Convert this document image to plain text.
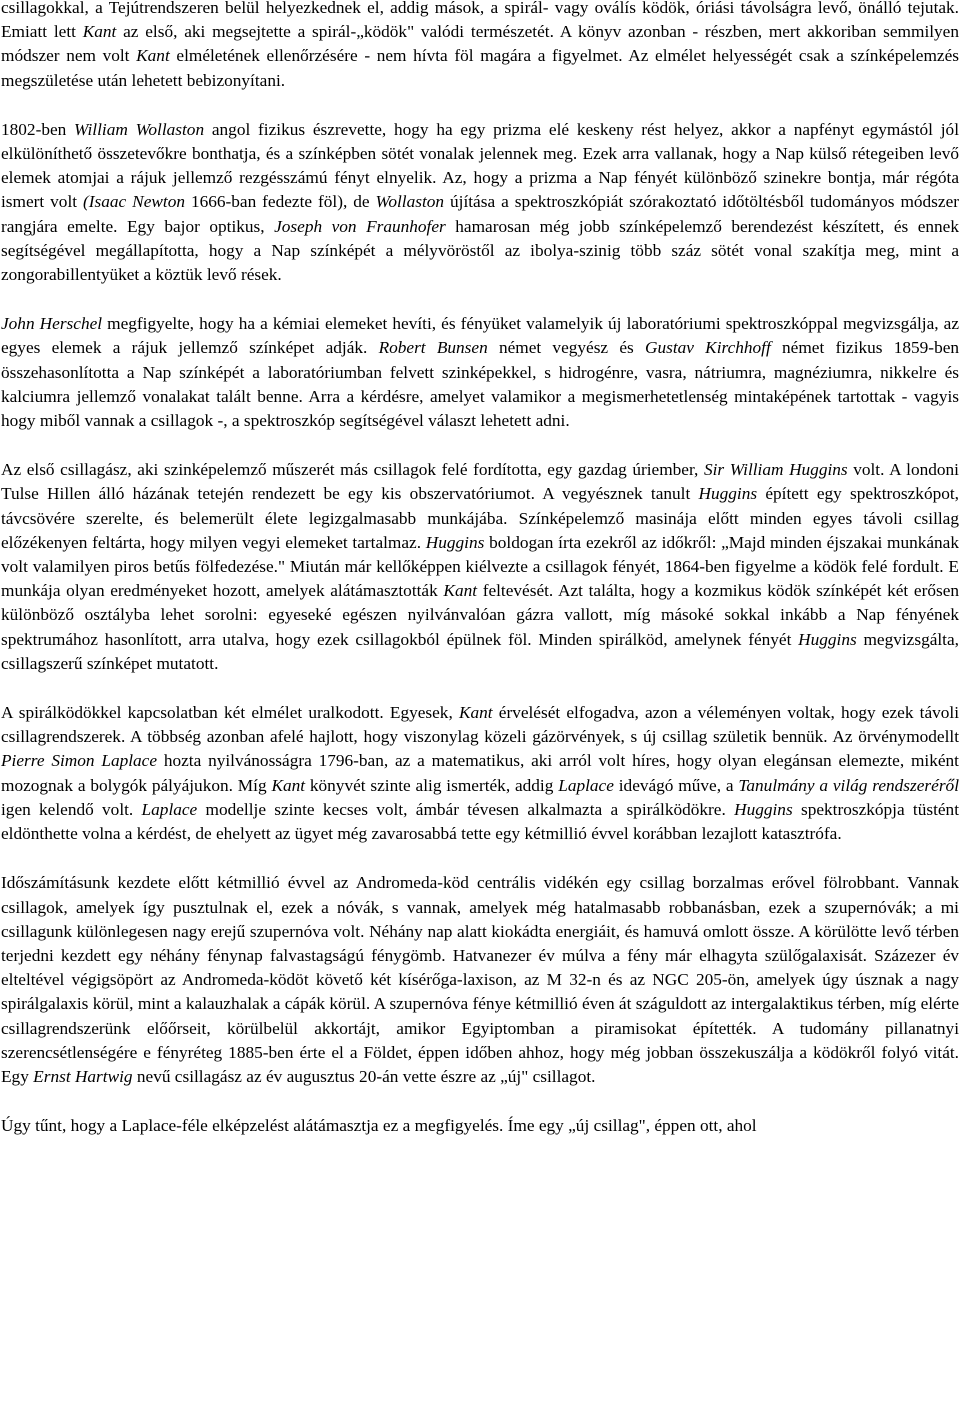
csillagokkal, a Tejútrendszeren belül helyezkednek el, addig mások, a spirál- vagy oválís ködök, óriási távolságra levő, önálló tejutak. Emiatt lett Kant az első, aki megsejtette a spirál-„ködök" valódi természetét. A könyv azonban - részben, mert akkoriban semmilyen módszer nem volt Kant elméletének ellenőrzésére - nem hívta föl magára a figyelmet. Az elmélet helyességét csak a színképelemzés megszületése után lehetett bebizonyítani.

1802-ben William Wollaston angol fizikus észrevette, hogy ha egy prizma elé keskeny rést helyez, akkor a napfényt egymástól jól elkülöníthető összetevőkre bonthatja, és a színképben sötét vonalak jelennek meg. Ezek arra vallanak, hogy a Nap külső rétegeiben levő elemek atomjai a rájuk jellemző rezgésszámú fényt elnyelik. Az, hogy a prizma a Nap fényét különböző szinekre bontja, már régóta ismert volt (Isaac Newton 1666-ban fedezte föl), de Wollaston újítása a spektroszkópiát szórakoztató időtöltésből tudományos módszer rangjára emelte. Egy bajor optikus, Joseph von Fraunhofer hamarosan még jobb színképelemző berendezést készített, és ennek segítségével megállapította, hogy a Nap színképét a mélyvöröstől az ibolya-szinig több száz sötét vonal szakítja meg, mint a zongorabillentyüket a köztük levő rések.

John Herschel megfigyelte, hogy ha a kémiai elemeket hevíti, és fényüket valamelyik új laboratóriumi spektroszkóppal megvizsgálja, az egyes elemek a rájuk jellemző színképet adják. Robert Bunsen német vegyész és Gustav Kirchhoff német fizikus 1859-ben összehasonlította a Nap színképét a laboratóriumban felvett szinképekkel, s hidrogénre, vasra, nátriumra, magnéziumra, nikkelre és kalciumra jellemző vonalakat talált benne. Arra a kérdésre, amelyet valamikor a megismerhetetlenség mintaképének tartottak - vagyis hogy miből vannak a csillagok -, a spektroszkóp segítségével választ lehetett adni.

Az első csillagász, aki szinképelemző műszerét más csillagok felé fordította, egy gazdag úriember, Sir William Huggins volt. A londoni Tulse Hillen álló házának tetején rendezett be egy kis obszervatóriumot. A vegyésznek tanult Huggins épített egy spektroszkópot, távcsövére szerelte, és belemerült élete legizgalmasabb munkájába. Színképelemző masinája előtt minden egyes távoli csillag előzékenyen feltárta, hogy milyen vegyi elemeket tartalmaz. Huggins boldogan írta ezekről az időkről: „Majd minden éjszakai munkának volt valamilyen piros betűs fölfedezése." Miután már kellőképpen kiélvezte a csillagok fényét, 1864-ben figyelme a ködök felé fordult. E munkája olyan eredményeket hozott, amelyek alátámasztották Kant feltevését. Azt találta, hogy a kozmikus ködök színképét két erősen különböző osztályba lehet sorolni: egyeseké egészen nyilvánvalóan gázra vallott, míg másoké sokkal inkább a Nap fényének spektrumához hasonlított, arra utalva, hogy ezek csillagokból épülnek föl. Minden spirálköd, amelynek fényét Huggins megvizsgálta, csillagszerű színképet mutatott.

A spirálködökkel kapcsolatban két elmélet uralkodott. Egyesek, Kant érvelését elfogadva, azon a véleményen voltak, hogy ezek távoli csillagrendszerek. A többség azonban afelé hajlott, hogy viszonylag közeli gázörvények, s új csillag születik bennük. Az örvénymodellt Pierre Simon Laplace hozta nyilvánosságra 1796-ban, az a matematikus, aki arról volt híres, hogy olyan elegánsan elemezte, miként mozognak a bolygók pályájukon. Míg Kant könyvét szinte alig ismerték, addig Laplace idevágó műve, a Tanulmány a világ rendszeréről igen kelendő volt. Laplace modellje szinte kecses volt, ámbár tévesen alkalmazta a spirálködökre. Huggins spektroszkópja tüstént eldönthette volna a kérdést, de ehelyett az ügyet még zavarosabbá tette egy kétmillió évvel korábban lezajlott katasztrófa.

Időszámításunk kezdete előtt kétmillió évvel az Andromeda-köd centrális vidékén egy csillag borzalmas erővel fölrobbant. Vannak csillagok, amelyek így pusztulnak el, ezek a nóvák, s vannak, amelyek még hatalmasabb robbanásban, ezek a szupernóvák; a mi csillagunk különlegesen nagy erejű szupernóva volt. Néhány nap alatt kiokádta energiáit, és hamuvá omlott össze. A körülötte levő térben terjedni kezdett egy néhány fénynap falvastagságú fénygömb. Hatvanezer év múlva a fény már elhagyta szülőgalaxisát. Százezer év elteltével végigsöpört az Andromeda-ködöt követő két kísérőga-laxison, az M 32-n és az NGC 205-ön, amelyek úgy úsznak a nagy spirálgalaxis körül, mint a kalauzhalak a cápák körül. A szupernóva fénye kétmillió éven át száguldott az intergalaktikus térben, míg elérte csillagrendszerünk előőrseit, körülbelül akkortájt, amikor Egyiptomban a piramisokat építették. A tudomány pillanatnyi szerencsétlenségére e fényréteg 1885-ben érte el a Földet, éppen időben ahhoz, hogy még jobban összekuszálja a ködökről folyó vitát. Egy Ernst Hartwig nevű csillagász az év augusztus 20-án vette észre az „új" csillagot.

Úgy tűnt, hogy a Laplace-féle elképzelést alátámasztja ez a megfigyelés. Íme egy „új csillag", éppen ott, ahol
